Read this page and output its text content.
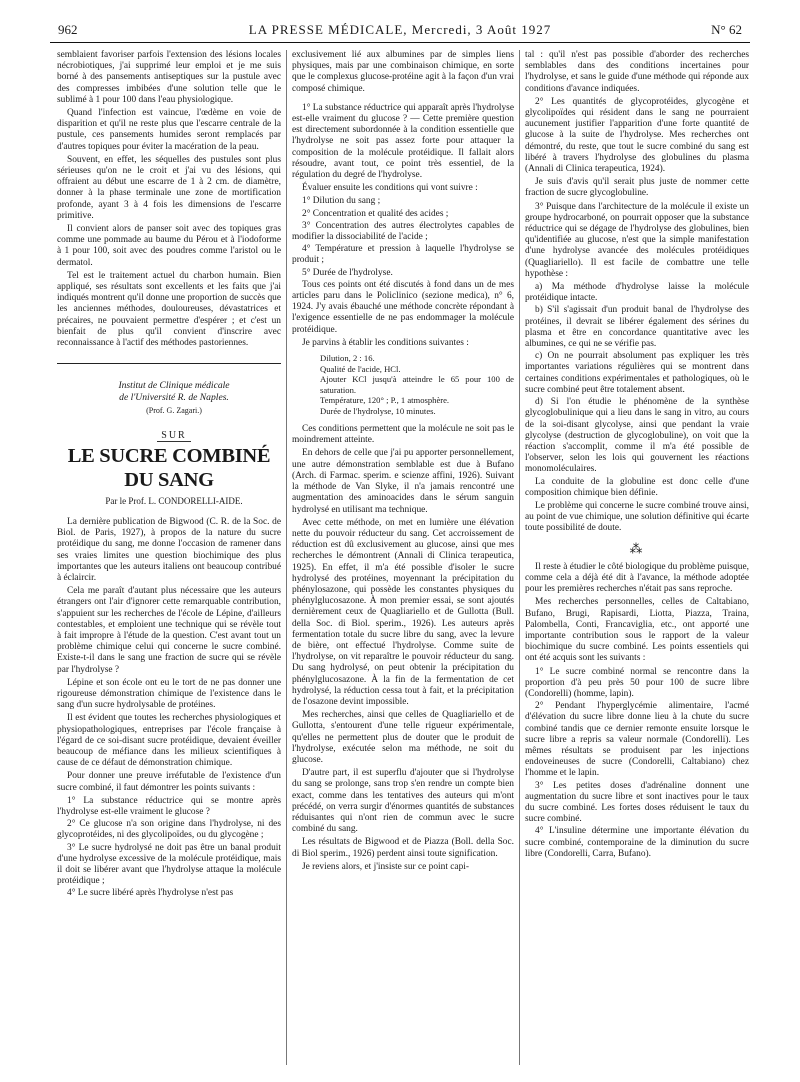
962	LA PRESSE MÉDICALE, Mercredi, 3 Août 1927	N° 62

semblaient favoriser parfois l'extension des lésions locales nécrobiotiques, j'ai supprimé leur emploi et je me suis borné à des pansements antiseptiques sur la pustule avec des compresses imbibées d'une solution telle que le sublimé à 1 pour 100 dans l'eau physiologique.

Quand l'infection est vaincue, l'œdème en voie de disparition et qu'il ne reste plus que l'escarre centrale de la pustule, ces pansements humides seront remplacés par d'autres topiques pour éviter la macération de la peau.

Souvent, en effet, les séquelles des pustules sont plus sérieuses qu'on ne le croit et j'ai vu des lésions, qui offraient au début une escarre de 1 à 2 cm. de diamètre, donner à la phase terminale une zone de mortification profonde, ayant 3 à 4 fois les dimensions de l'escarre primitive.

Il convient alors de panser soit avec des topiques gras comme une pommade au baume du Pérou et à l'iodoforme à 1 pour 100, soit avec des poudres comme l'aristol ou le dermatol.

Tel est le traitement actuel du charbon humain. Bien appliqué, ses résultats sont excellents et les faits que j'ai indiqués montrent qu'il donne une proportion de succès que les anciennes méthodes, douloureuses, dévastatrices et précaires, ne pouvaient permettre d'espérer ; et c'est un bienfait de plus qu'il convient d'inscrire avec reconnaissance à l'actif des méthodes pastoriennes.

Institut de Clinique médicale

de l'Université R. de Naples.

(Prof. G. Zagari.)

SUR

LE SUCRE COMBINÉ DU SANG

Par le Prof. L. CONDORELLI-AIDE.

La dernière publication de Bigwood (C. R. de la Soc. de Biol. de Paris, 1927), à propos de la nature du sucre protéidique du sang, me donne l'occasion de ramener dans ses vraies limites une question biochimique des plus importantes que les auteurs italiens ont beaucoup contribué à éclaircir.

Cela me paraît d'autant plus nécessaire que les auteurs étrangers ont l'air d'ignorer cette remarquable contribution, s'appuient sur les recherches de l'école de Lépine, d'ailleurs contestables, et emploient une technique qui se révèle tout à fait impropre à l'étude de la question. C'est avant tout un problème chimique celui qui concerne le sucre combiné. Existe-t-il dans le sang une fraction de sucre qui se révèle par l'hydrolyse ?

Lépine et son école ont eu le tort de ne pas donner une rigoureuse démonstration chimique de l'existence dans le sang d'un sucre hydrolysable de protéines.

Il est évident que toutes les recherches physiologiques et physiopathologiques, entreprises par l'école française à l'égard de ce soi-disant sucre protéidique, devaient éveiller beaucoup de méfiance dans les milieux scientifiques à cause de ce défaut de démonstration chimique.

Pour donner une preuve irréfutable de l'existence d'un sucre combiné, il faut démontrer les points suivants :

1° La substance réductrice qui se montre après l'hydrolyse est-elle vraiment le glucose ?

2° Ce glucose n'a son origine dans l'hydrolyse, ni des glycoprotéides, ni des glycolipoïdes, ou du glycogène ;

3° Le sucre hydrolysé ne doit pas être un banal produit d'une hydrolyse excessive de la molécule protéidique, mais il doit se libérer avant que l'hydrolyse attaque la molécule protéidique ;

4° Le sucre libéré après l'hydrolyse n'est pas

exclusivement lié aux albumines par de simples liens physiques, mais par une combinaison chimique, en sorte que le complexus glucose-protéine agit à la façon d'un vrai composé chimique.

1° La substance réductrice qui apparaît après l'hydrolyse est-elle vraiment du glucose ? — Cette première question est directement subordonnée à la condition essentielle que l'hydrolyse ne soit pas assez forte pour attaquer la composition de la molécule protéidique. Il fallait alors résoudre, avant tout, ce point très essentiel, de la régulation du degré de l'hydrolyse.

Évaluer ensuite les conditions qui vont suivre :

1° Dilution du sang ;

2° Concentration et qualité des acides ;

3° Concentration des autres électrolytes capables de modifier la dissociabilité de l'acide ;

4° Température et pression à laquelle l'hydrolyse se produit ;

5° Durée de l'hydrolyse.

Tous ces points ont été discutés à fond dans un de mes articles paru dans le Policlinico (sezione medica), n° 6, 1924. J'y avais ébauché une méthode concrète répondant à l'exigence essentielle de ne pas endommager la molécule protéidique.

Je parvins à établir les conditions suivantes :

Dilution, 2 : 16.
Qualité de l'acide, HCl.
Ajouter KCl jusqu'à atteindre le 65 pour 100 de saturation.
Température, 120° ; P., 1 atmosphère.
Durée de l'hydrolyse, 10 minutes.

Ces conditions permettent que la molécule ne soit pas le moindrement atteinte.

En dehors de celle que j'ai pu apporter personnellement, une autre démonstration semblable est due à Bufano (Arch. di Farmac. sperim. e scienze affini, 1926). Suivant la méthode de Van Slyke, il n'a jamais rencontré une augmentation des aminoacides dans le sérum sanguin hydrolysé en utilisant ma technique.

Avec cette méthode, on met en lumière une élévation nette du pouvoir réducteur du sang. Cet accroissement de réduction est dû exclusivement au glucose, ainsi que mes recherches le démontrent (Annali di Clinica terapeutica, 1925). En effet, il m'a été possible d'isoler le sucre hydrolysé des protéines, moyennant la précipitation du phénylosazone, qui possède les constantes physiques du phénylglucosazone. À mon premier essai, se sont ajoutés dernièrement ceux de Quagliariello et de Gullotta (Bull. della Soc. di Biol. sperim., 1926). Les auteurs après fermentation totale du sucre libre du sang, avec la levure de bière, ont effectué l'hydrolyse. Comme suite de l'hydrolyse, on vit reparaître le pouvoir réducteur du sang. Du sang hydrolysé, on peut obtenir la précipitation du phénylglucosazone. À la fin de la fermentation de cet hydrolysé, la réduction cessa tout à fait, et la précipitation de l'osazone devint impossible.

Mes recherches, ainsi que celles de Quagliariello et de Gullotta, s'entourent d'une telle rigueur expérimentale, qu'elles ne permettent plus de douter que le produit de l'hydrolyse, exécutée selon ma méthode, ne soit du glucose.

D'autre part, il est superflu d'ajouter que si l'hydrolyse du sang se prolonge, sans trop s'en rendre un compte bien exact, comme dans les tentatives des auteurs qui m'ont précédé, on verra surgir d'énormes quantités de substances réduisantes qui n'ont rien de commun avec le sucre combiné du sang.

Les résultats de Bigwood et de Piazza (Boll. della Soc. di Biol sperim., 1926) perdent ainsi toute signification.

Je reviens alors, et j'insiste sur ce point capi-

tal : qu'il n'est pas possible d'aborder des recherches semblables dans des conditions incertaines pour l'hydrolyse, et sans le guide d'une méthode qui réponde aux conditions d'avance indiquées.

2° Les quantités de glycoprotéides, glycogène et glycolipoïdes qui résident dans le sang ne pourraient aucunement justifier l'apparition d'une forte quantité de glucose à la suite de l'hydrolyse. Mes recherches ont démontré, du reste, que tout le sucre combiné du sang est libéré à travers l'hydrolyse des globulines du plasma (Annali di Clinica terapeutica, 1924).

Je suis d'avis qu'il serait plus juste de nommer cette fraction de sucre glycoglobuline.

3° Puisque dans l'architecture de la molécule il existe un groupe hydrocarboné, on pourrait opposer que la substance réductrice qui se dégage de l'hydrolyse des globulines, bien qu'identifiée au glucose, n'est que la simple manifestation d'une hydrolyse avancée des molécules protéidiques (Quagliariello). Il est facile de combattre une telle hypothèse :

a) Ma méthode d'hydrolyse laisse la molécule protéidique intacte.

b) S'il s'agissait d'un produit banal de l'hydrolyse des protéines, il devrait se libérer également des sérines du plasma et être en concordance quantitative avec les albumines, ce qui ne se vérifie pas.

c) On ne pourrait absolument pas expliquer les très importantes variations régulières qui se montrent dans certaines conditions expérimentales et pathologiques, où le sucre combiné peut être totalement absent.

d) Si l'on étudie le phénomène de la synthèse glycoglobulinique qui a lieu dans le sang in vitro, au cours de la soi-disant glycolyse, ainsi que pendant la vraie glycolyse (destruction de glycoglobuline), on voit que la réaction s'accomplit, comme il m'a été possible de l'observer, selon les lois qui gouvernent les réactions monomoléculaires.

La conduite de la globuline est donc celle d'une composition chimique bien définie.

Le problème qui concerne le sucre combiné trouve ainsi, au point de vue chimique, une solution définitive qui écarte toute possibilité de doute.

⁂

Il reste à étudier le côté biologique du problème puisque, comme cela a déjà été dit à l'avance, la méthode adoptée pour les premières recherches n'était pas sans reproche.

Mes recherches personnelles, celles de Caltabiano, Bufano, Brugi, Rapisardi, Liotta, Piazza, Traina, Palombella, Conti, Francaviglia, etc., ont apporté une importante contribution sous le rapport de la valeur biochimique du sucre combiné. Les points essentiels qui ont été acquis sont les suivants :

1° Le sucre combiné normal se rencontre dans la proportion d'à peu près 50 pour 100 de sucre libre (Condorelli) (homme, lapin).

2° Pendant l'hyperglycémie alimentaire, l'acmé d'élévation du sucre libre donne lieu à la chute du sucre combiné tandis que ce dernier remonte ensuite lorsque le sucre libre a repris sa valeur normale (Condorelli). Les mêmes résultats se produisent par les injections endoveineuses de sucre (Condorelli, Caltabiano) chez l'homme et le lapin.

3° Les petites doses d'adrénaline donnent une augmentation du sucre libre et sont inactives pour le taux du sucre combiné. Les fortes doses réduisent le taux du sucre combiné.

4° L'insuline détermine une importante élévation du sucre combiné, contemporaine de la diminution du sucre libre (Condorelli, Carra, Bufano).
